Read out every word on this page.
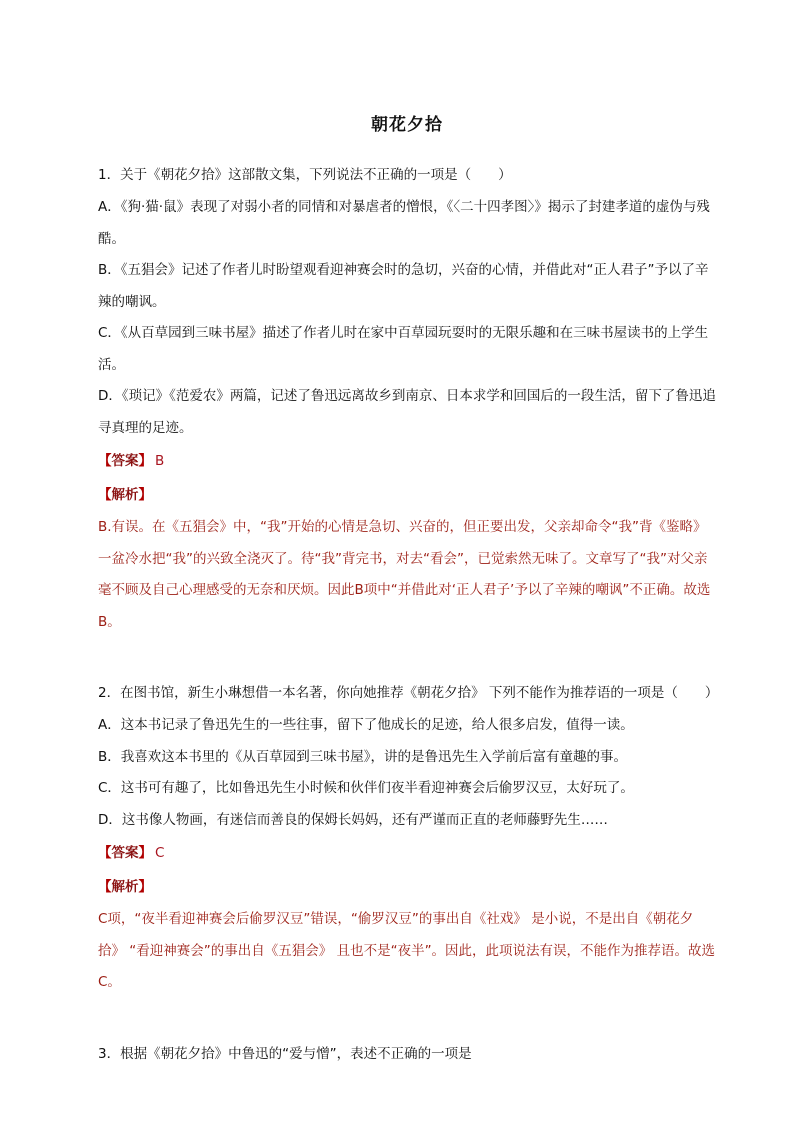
朝花夕拾

1．关于《朝花夕拾》这部散文集，下列说法不正确的一项是（　　）

A．《狗·猫·鼠》表现了对弱小者的同情和对暴虐者的憎恨，《〈二十四孝图〉》揭示了封建孝道的虚伪与残酷。

B．《五猖会》记述了作者儿时盼望观看迎神赛会时的急切，兴奋的心情，并借此对“正人君子”予以了辛辣的嘲讽。

C．《从百草园到三味书屋》描述了作者儿时在家中百草园玩耍时的无限乐趣和在三味书屋读书的上学生活。

D．《琐记》《范爱农》两篇，记述了鲁迅远离故乡到南京、日本求学和回国后的一段生活，留下了鲁迅追寻真理的足迹。

【答案】 B

【解析】

B.有误。在《五猖会》中，“我”开始的心情是急切、兴奋的，但正要出发，父亲却命令“我”背《鉴略》一盆冷水把“我”的兴致全浇灭了。待“我”背完书，对去“看会”，已觉索然无味了。文章写了“我”对父亲毫不顾及自己心理感受的无奈和厌烦。因此B项中“并借此对‘正人君子’予以了辛辣的嘲讽”不正确。故选B。

2．在图书馆，新生小琳想借一本名著，你向她推荐《朝花夕拾》 下列不能作为推荐语的一项是（　　）

A．这本书记录了鲁迅先生的一些往事，留下了他成长的足迹，给人很多启发，值得一读。

B．我喜欢这本书里的《从百草园到三味书屋》，讲的是鲁迅先生入学前后富有童趣的事。

C．这书可有趣了，比如鲁迅先生小时候和伙伴们夜半看迎神赛会后偷罗汉豆，太好玩了。

D．这书像人物画，有迷信而善良的保姆长妈妈，还有严谨而正直的老师藤野先生……

【答案】 C

【解析】

C项，“夜半看迎神赛会后偷罗汉豆”错误，“偷罗汉豆”的事出自《社戏》 是小说，不是出自《朝花夕拾》 “看迎神赛会”的事出自《五猖会》 且也不是“夜半”。因此，此项说法有误，不能作为推荐语。故选C。

3．根据《朝花夕拾》中鲁迅的“爱与憎”，表述不正确的一项是
